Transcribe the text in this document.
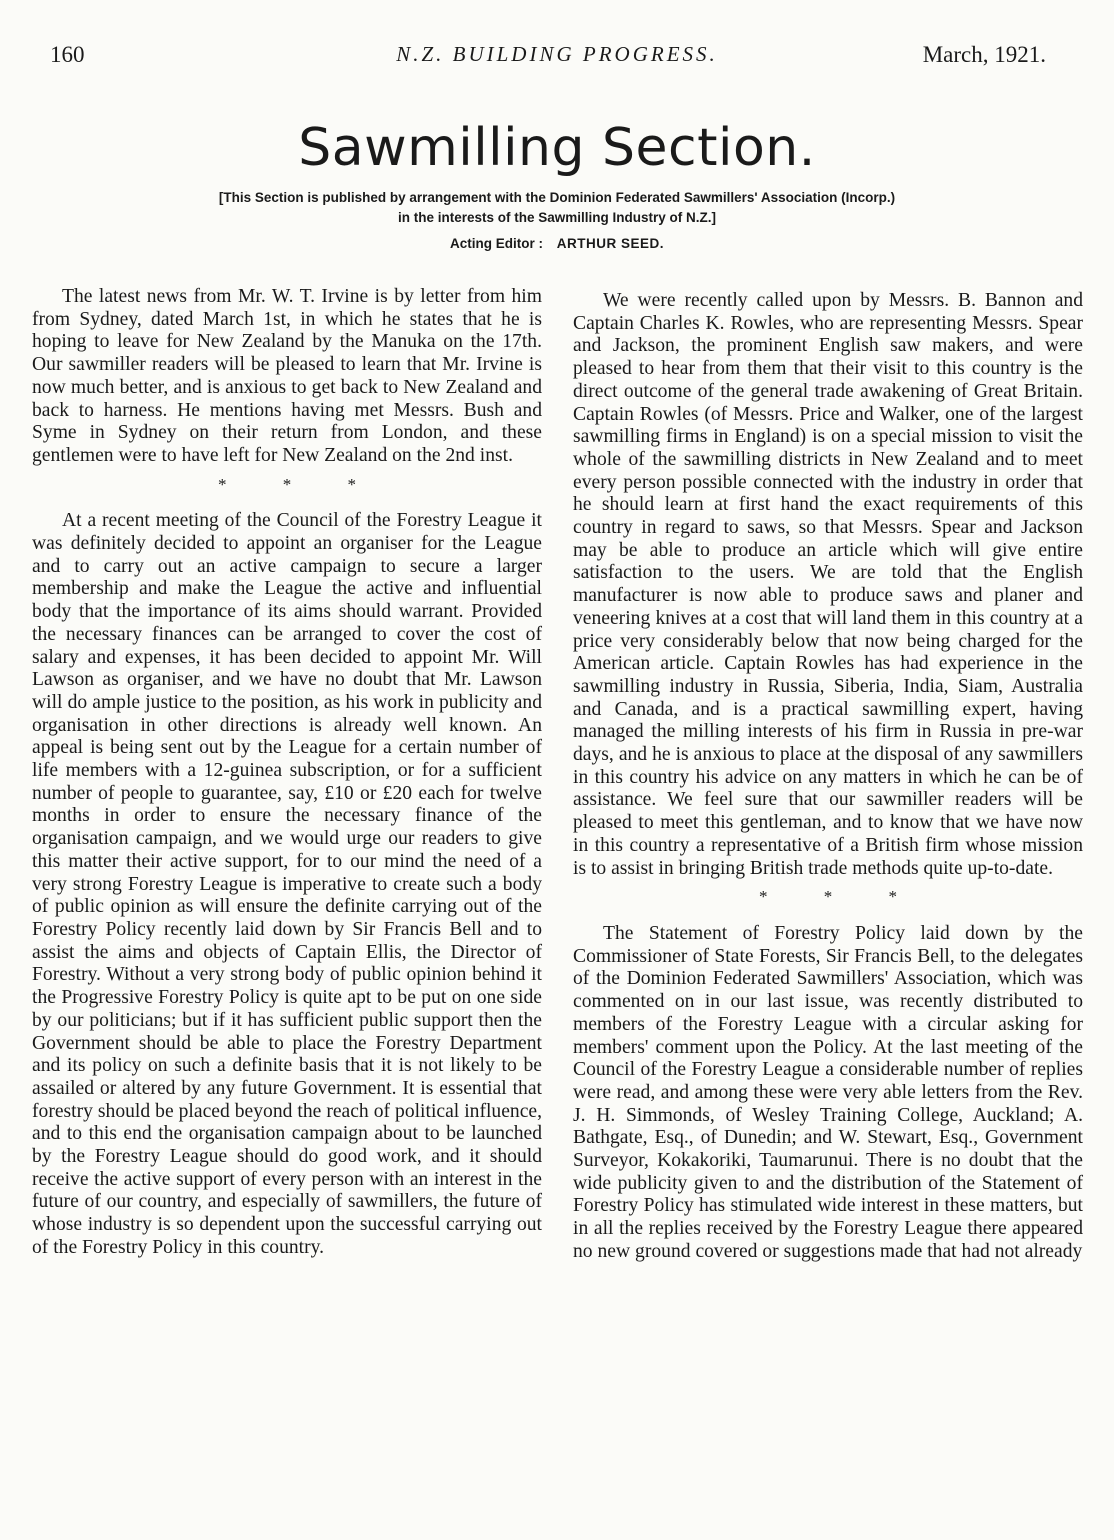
160	N.Z. BUILDING PROGRESS.	March, 1921.
Sawmilling Section.
[This Section is published by arrangement with the Dominion Federated Sawmillers' Association (Incorp.)
in the interests of the Sawmilling Industry of N.Z.]
Acting Editor : ARTHUR SEED.

The latest news from Mr. W. T. Irvine is by letter from him from Sydney, dated March 1st, in which he states that he is hoping to leave for New Zealand by the Manuka on the 17th. Our sawmiller readers will be pleased to learn that Mr. Irvine is now much better, and is anxious to get back to New Zealand and back to harness. He mentions having met Messrs. Bush and Syme in Sydney on their return from London, and these gentlemen were to have left for New Zealand on the 2nd inst.

* * *

At a recent meeting of the Council of the Forestry League it was definitely decided to appoint an organiser for the League and to carry out an active campaign to secure a larger membership and make the League the active and influential body that the importance of its aims should warrant. Provided the necessary finances can be arranged to cover the cost of salary and expenses, it has been decided to appoint Mr. Will Lawson as organiser, and we have no doubt that Mr. Lawson will do ample justice to the position, as his work in publicity and organisation in other directions is already well known. An appeal is being sent out by the League for a certain number of life members with a 12-guinea subscription, or for a sufficient number of people to guarantee, say, £10 or £20 each for twelve months in order to ensure the necessary finance of the organisation campaign, and we would urge our readers to give this matter their active support, for to our mind the need of a very strong Forestry League is imperative to create such a body of public opinion as will ensure the definite carrying out of the Forestry Policy recently laid down by Sir Francis Bell and to assist the aims and objects of Captain Ellis, the Director of Forestry. Without a very strong body of public opinion behind it the Progressive Forestry Policy is quite apt to be put on one side by our politicians; but if it has sufficient public support then the Government should be able to place the Forestry Department and its policy on such a definite basis that it is not likely to be assailed or altered by any future Government. It is essential that forestry should be placed beyond the reach of political influence, and to this end the organisation campaign about to be launched by the Forestry League should do good work, and it should receive the active support of every person with an interest in the future of our country, and especially of sawmillers, the future of whose industry is so dependent upon the successful carrying out of the Forestry Policy in this country.

We were recently called upon by Messrs. B. Bannon and Captain Charles K. Rowles, who are representing Messrs. Spear and Jackson, the prominent English saw makers, and were pleased to hear from them that their visit to this country is the direct outcome of the general trade awakening of Great Britain. Captain Rowles (of Messrs. Price and Walker, one of the largest sawmilling firms in England) is on a special mission to visit the whole of the sawmilling districts in New Zealand and to meet every person possible connected with the industry in order that he should learn at first hand the exact requirements of this country in regard to saws, so that Messrs. Spear and Jackson may be able to produce an article which will give entire satisfaction to the users. We are told that the English manufacturer is now able to produce saws and planer and veneering knives at a cost that will land them in this country at a price very considerably below that now being charged for the American article. Captain Rowles has had experience in the sawmilling industry in Russia, Siberia, India, Siam, Australia and Canada, and is a practical sawmilling expert, having managed the milling interests of his firm in Russia in pre-war days, and he is anxious to place at the disposal of any sawmillers in this country his advice on any matters in which he can be of assistance. We feel sure that our sawmiller readers will be pleased to meet this gentleman, and to know that we have now in this country a representative of a British firm whose mission is to assist in bringing British trade methods quite up-to-date.

* * *

The Statement of Forestry Policy laid down by the Commissioner of State Forests, Sir Francis Bell, to the delegates of the Dominion Federated Sawmillers' Association, which was commented on in our last issue, was recently distributed to members of the Forestry League with a circular asking for members' comment upon the Policy. At the last meeting of the Council of the Forestry League a considerable number of replies were read, and among these were very able letters from the Rev. J. H. Simmonds, of Wesley Training College, Auckland; A. Bathgate, Esq., of Dunedin; and W. Stewart, Esq., Government Surveyor, Kokakoriki, Taumarunui. There is no doubt that the wide publicity given to and the distribution of the Statement of Forestry Policy has stimulated wide interest in these matters, but in all the replies received by the Forestry League there appeared no new ground covered or suggestions made that had not already
